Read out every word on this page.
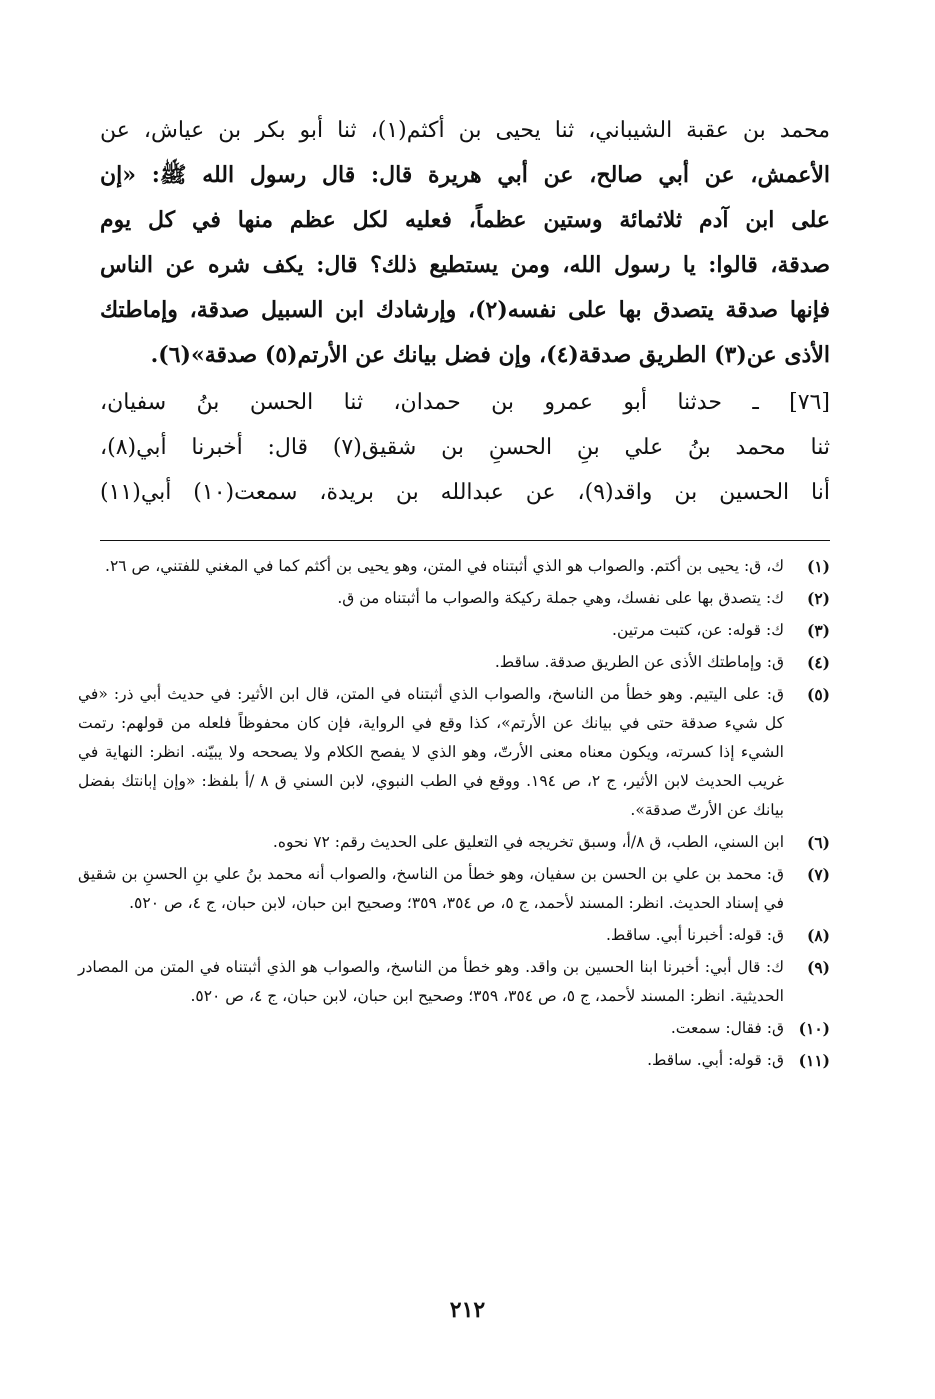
محمد بن عقبة الشيباني، ثنا يحيى بن أكثم(١)، ثنا أبو بكر بن عياش، عن
الأعمش، عن أبي صالح، عن أبي هريرة قال: قال رسول الله ﷺ: «إن
على ابن آدم ثلاثمائة وستين عظماً، فعليه لكل عظم منها في كل يوم
صدقة، قالوا: يا رسول الله، ومن يستطيع ذلك؟ قال: يكف شره عن الناس
فإنها صدقة يتصدق بها على نفسه(٢)، وإرشادك ابن السبيل صدقة، وإماطتك
الأذى عن(٣) الطريق صدقة(٤)، وإن فضل بيانك عن الأرتم(٥) صدقة»(٦).
[٧٦] ـ حدثنا أبو عمرو بن حمدان، ثنا الحسن بنُ سفيان،
ثنا محمد بنُ علي بنِ الحسنِ بن شقيق(٧) قال: أخبرنا أبي(٨)،
أنا الحسين بن واقد(٩)، عن عبدالله بن بريدة، سمعت(١٠) أبي(١١)
(١)
ك، ق: يحيى بن أكتم. والصواب هو الذي أثبتناه في المتن، وهو يحيى بن أكثم كما في المغني للفتني، ص ٢٦.
(٢)
ك: يتصدق بها على نفسك، وهي جملة ركيكة والصواب ما أثبتناه من ق.
(٣)
ك: قوله: عن، كتبت مرتين.
(٤)
ق: وإماطتك الأذى عن الطريق صدقة. ساقط.
(٥)
ق: على اليتيم. وهو خطأ من الناسخ، والصواب الذي أثبتناه في المتن، قال ابن الأثير: في حديث أبي ذر: «في كل شيء صدقة حتى في بيانك عن الأرتم»، كذا وقع في الرواية، فإن كان محفوظاً فلعله من قولهم: رتمت الشيء إذا كسرته، ويكون معناه معنى الأرتّ، وهو الذي لا يفصح الكلام ولا يصححه ولا يبيّنه. انظر: النهاية في غريب الحديث لابن الأثير، ج ٢، ص ١٩٤. ووقع في الطب النبوي، لابن السني ق ٨ /أ بلفظ: «وإن إبانتك بفضل بيانك عن الأرتّ صدقة».
(٦)
ابن السني، الطب، ق ٨/أ، وسبق تخريجه في التعليق على الحديث رقم: ٧٢ نحوه.
(٧)
ق: محمد بن علي بن الحسن بن سفيان، وهو خطأ من الناسخ، والصواب أنه محمد بنُ علي بنِ الحسنِ بن شقيق في إسناد الحديث. انظر: المسند لأحمد، ج ٥، ص ٣٥٤، ٣٥٩؛ وصحيح ابن حبان، لابن حبان، ج ٤، ص ٥٢٠.
(٨)
ق: قوله: أخبرنا أبي. ساقط.
(٩)
ك: قال أبي: أخبرنا ابنا الحسين بن واقد. وهو خطأ من الناسخ، والصواب هو الذي أثبتناه في المتن من المصادر الحديثية. انظر: المسند لأحمد، ج ٥، ص ٣٥٤، ٣٥٩؛ وصحيح ابن حبان، لابن حبان، ج ٤، ص ٥٢٠.
(١٠)
ق: فقال: سمعت.
(١١)
ق: قوله: أبي. ساقط.
٢١٢
